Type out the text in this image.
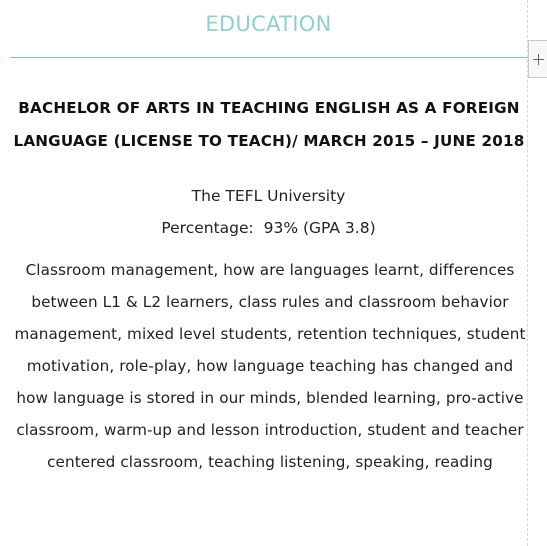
EDUCATION
BACHELOR OF ARTS IN TEACHING ENGLISH AS A FOREIGN LANGUAGE (LICENSE TO TEACH)/ MARCH 2015 – JUNE 2018
The TEFL University
Percentage:  93% (GPA 3.8)
Classroom management, how are languages learnt, differences between L1 & L2 learners, class rules and classroom behavior management, mixed level students, retention techniques, student motivation, role-play, how language teaching has changed and how language is stored in our minds, blended learning, pro-active classroom, warm-up and lesson introduction, student and teacher centered classroom, teaching listening, speaking, reading
